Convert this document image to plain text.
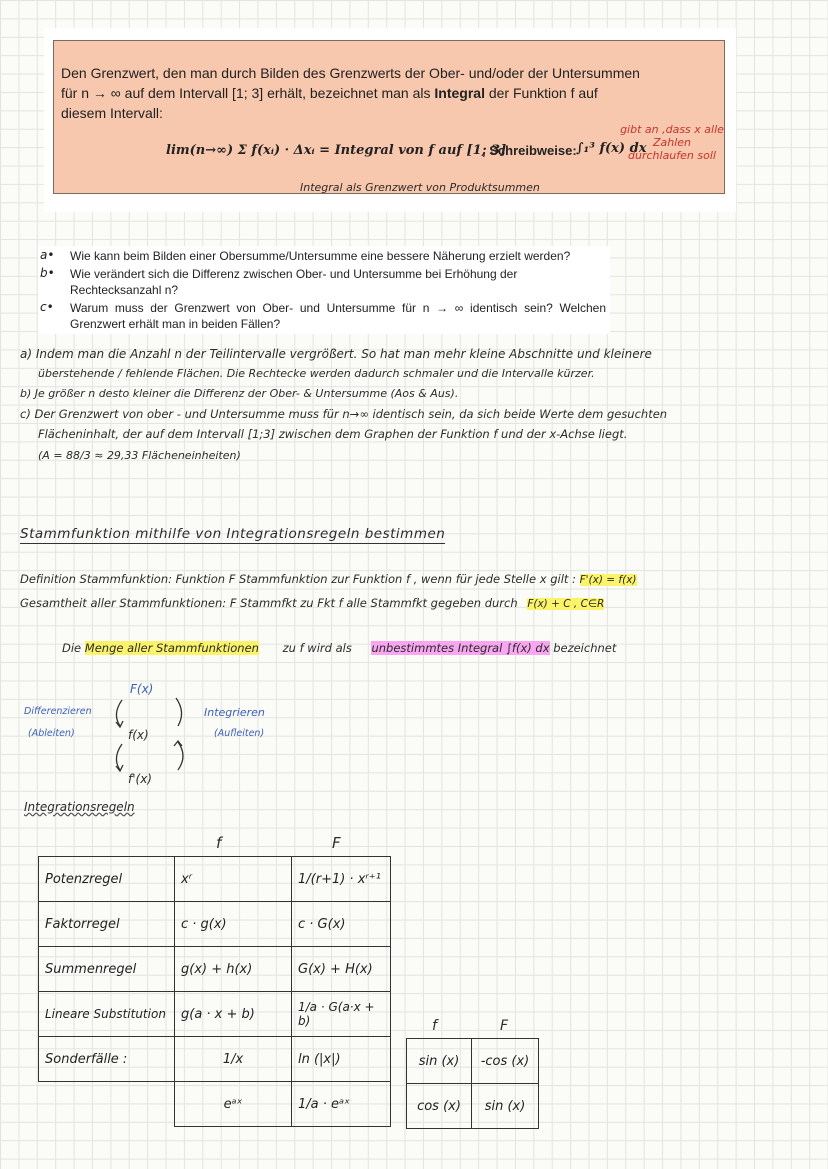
Den Grenzwert, den man durch Bilden des Grenzwerts der Ober- und/oder der Untersummen

für n → ∞ auf dem Intervall [1; 3] erhält, bezeichnet man als Integral der Funktion f auf

diesem Intervall:

lim(n→∞) Σ f(xᵢ) · Δxᵢ = Integral von f auf [1; 3]
, Schreibweise: ∫₁³ f(x) dx
gibt an ,dass x alle Zahlen durchlaufen soll
Integral als Grenzwert von Produktsummen
a•	Wie kann beim Bilden einer Obersumme/Untersumme eine bessere Näherung erzielt werden?
b•	Wie verändert sich die Differenz zwischen Ober- und Untersumme bei Erhöhung der Rechtecksanzahl n?
c•	Warum muss der Grenzwert von Ober- und Untersumme für n → ∞ identisch sein? Welchen Grenzwert erhält man in beiden Fällen?
a) Indem man die Anzahl n der Teilintervalle vergrößert. So hat man mehr kleine Abschnitte und kleinere
überstehende / fehlende Flächen. Die Rechtecke werden dadurch schmaler und die Intervalle kürzer.
b) Je größer n desto kleiner die Differenz der Ober- & Untersumme (Aos & Aus).
c) Der Grenzwert von ober - und Untersumme muss für n→∞ identisch sein, da sich beide Werte dem gesuchten
Flächeninhalt, der auf dem Intervall [1;3] zwischen dem Graphen der Funktion f und der x-Achse liegt.
(A = 88/3 ≈ 29,33 Flächeneinheiten)
Stammfunktion mithilfe von Integrationsregeln bestimmen
Definition Stammfunktion: Funktion F Stammfunktion zur Funktion f , wenn für jede Stelle x gilt : F'(x) = f(x)
Gesamtheit aller Stammfunktionen: F Stammfkt zu Fkt f alle Stammfkt gegeben durch F(x) + C , C∈R
Die Menge aller Stammfunktionen zu f wird als unbestimmtes Integral ∫f(x) dx bezeichnet
F(x)
f(x)
f'(x)
Differenzieren
(Ableiten)
Integrieren
(Aufleiten)
Integrationsregeln
f	F
Potenzregel	xʳ	1/(r+1) · xʳ⁺¹
Faktorregel	c · g(x)	c · G(x)
Summenregel	g(x) + h(x)	G(x) + H(x)
Lineare Substitution	g(a · x + b)	1/a · G(a·x + b)
Sonderfälle :	1/x	ln (|x|)
	eᵃˣ	1/a · eᵃˣ
f	F
sin (x)	-cos (x)
cos (x)	sin (x)
